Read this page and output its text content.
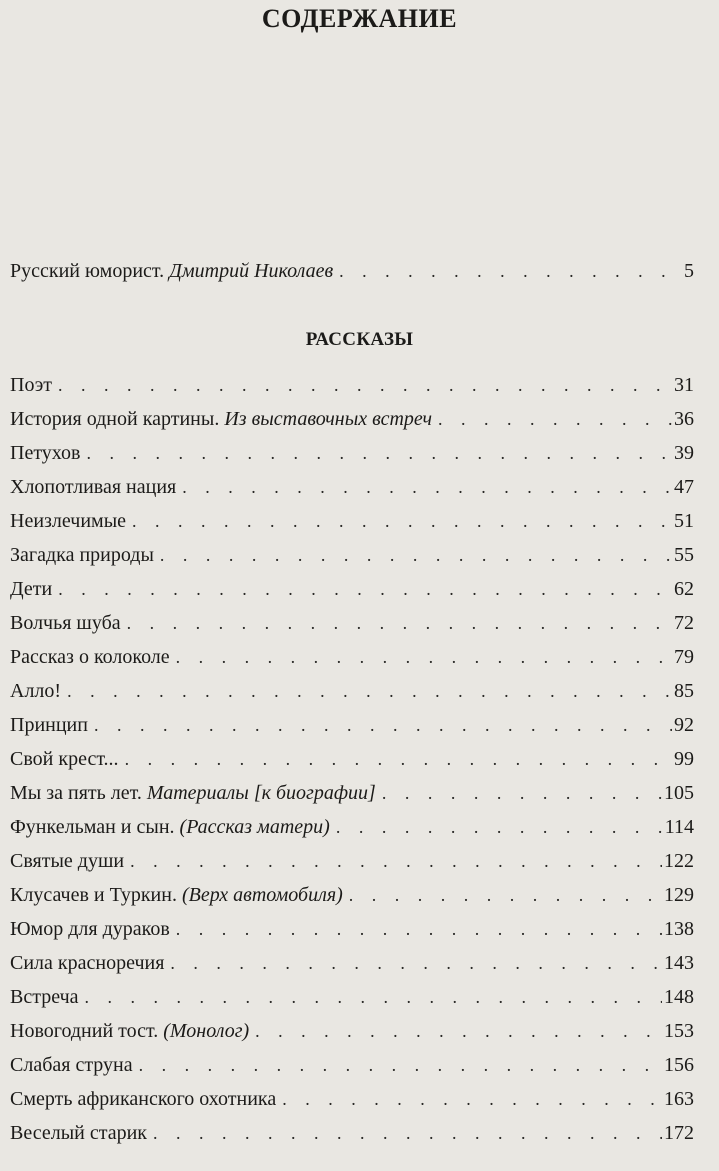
СОДЕРЖАНИЕ
Русский юморист. Дмитрий Николаев . . .	5
РАССКАЗЫ
Поэт . . .	31
История одной картины. Из выставочных встреч . . .	36
Петухов . . .	39
Хлопотливая нация . . .	47
Неизлечимые . . .	51
Загадка природы . . .	55
Дети . . .	62
Волчья шуба . . .	72
Рассказ о колоколе . . .	79
Алло! . . .	85
Принцип . . .	92
Свой крест... . . .	99
Мы за пять лет. Материалы [к биографии] . . .	105
Функельман и сын. (Рассказ матери) . . .	114
Святые души . . .	122
Клусачев и Туркин. (Верх автомобиля) . . .	129
Юмор для дураков . . .	138
Сила красноречия . . .	143
Встреча . . .	148
Новогодний тост. (Монолог) . . .	153
Слабая струна . . .	156
Смерть африканского охотника . . .	163
Веселый старик . . .	172
